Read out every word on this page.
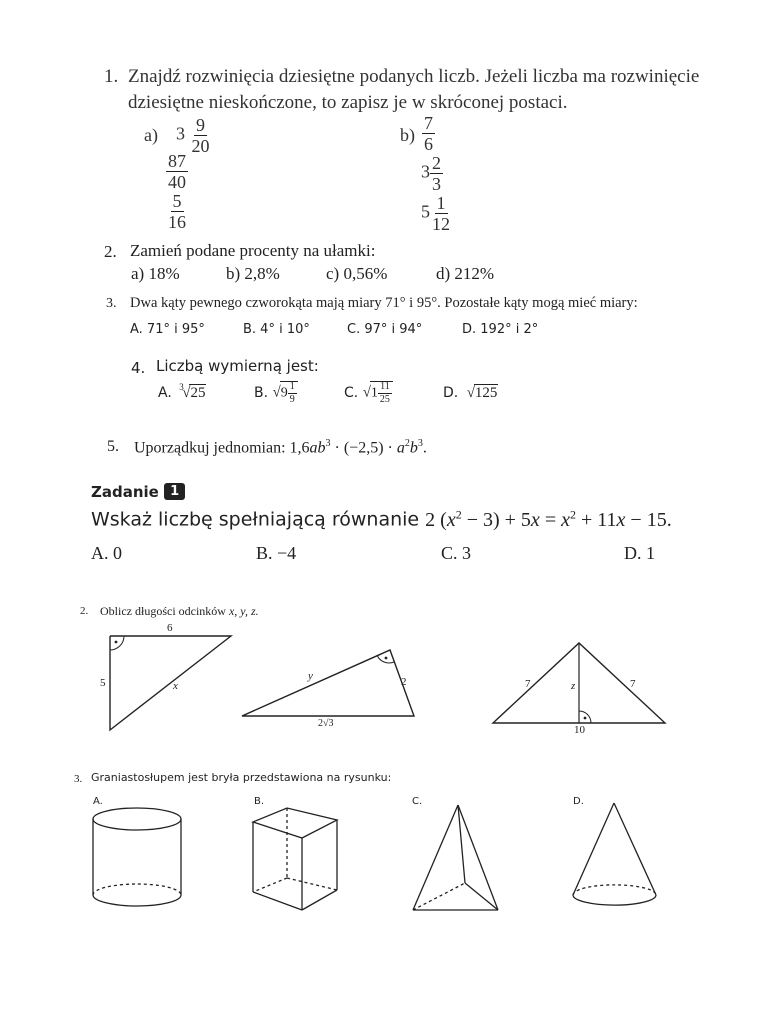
1. Znajdź rozwinięcia dziesiętne podanych liczb. Jeżeli liczba ma rozwinięcie
dziesiętne nieskończone, to zapisz je w skróconej postaci.
a) $3 \frac{9}{20}$
$\frac{87}{40}$
$\frac{5}{16}$
$b) \frac{7}{6}$
$3 \frac{2}{3}$
$5 \frac{1}{12}$
2. Zamień podane procenty na ułamki:
a) 18%	b) 2,8%	c) 0,56%	d) 212%
3. Dwa kąty pewnego czworokąta mają miary 71° i 95°. Pozostałe kąty mogą mieć miary:
A. 71° i 95°	B. 4° i 10°	C. 97° i 94°	D. 192° i 2°
4. Liczbą wymierną jest:
A. 3
√25	B. $√9 \frac{1}{9}$	C. $√1 \frac{11}{25}$	D. √125
5. Uporządkuj jednomian: $1,6ab^3 \cdot (-2,5) \cdot a^2b^3$.
Zadanie 1
Wskaż liczbę spełniającą równanie 2 $(x^2 - 3) + 5x = x^2 + 11x - 15$.
A. 0	B. −4	C. 3	D. 1
2. Oblicz długości odcinków x, y, z.
6
5	x
y	2
2√3
7	z	7
10
3. Graniastosłupem jest bryła przedstawiona na rysunku:
A.	B.	C.	D.
